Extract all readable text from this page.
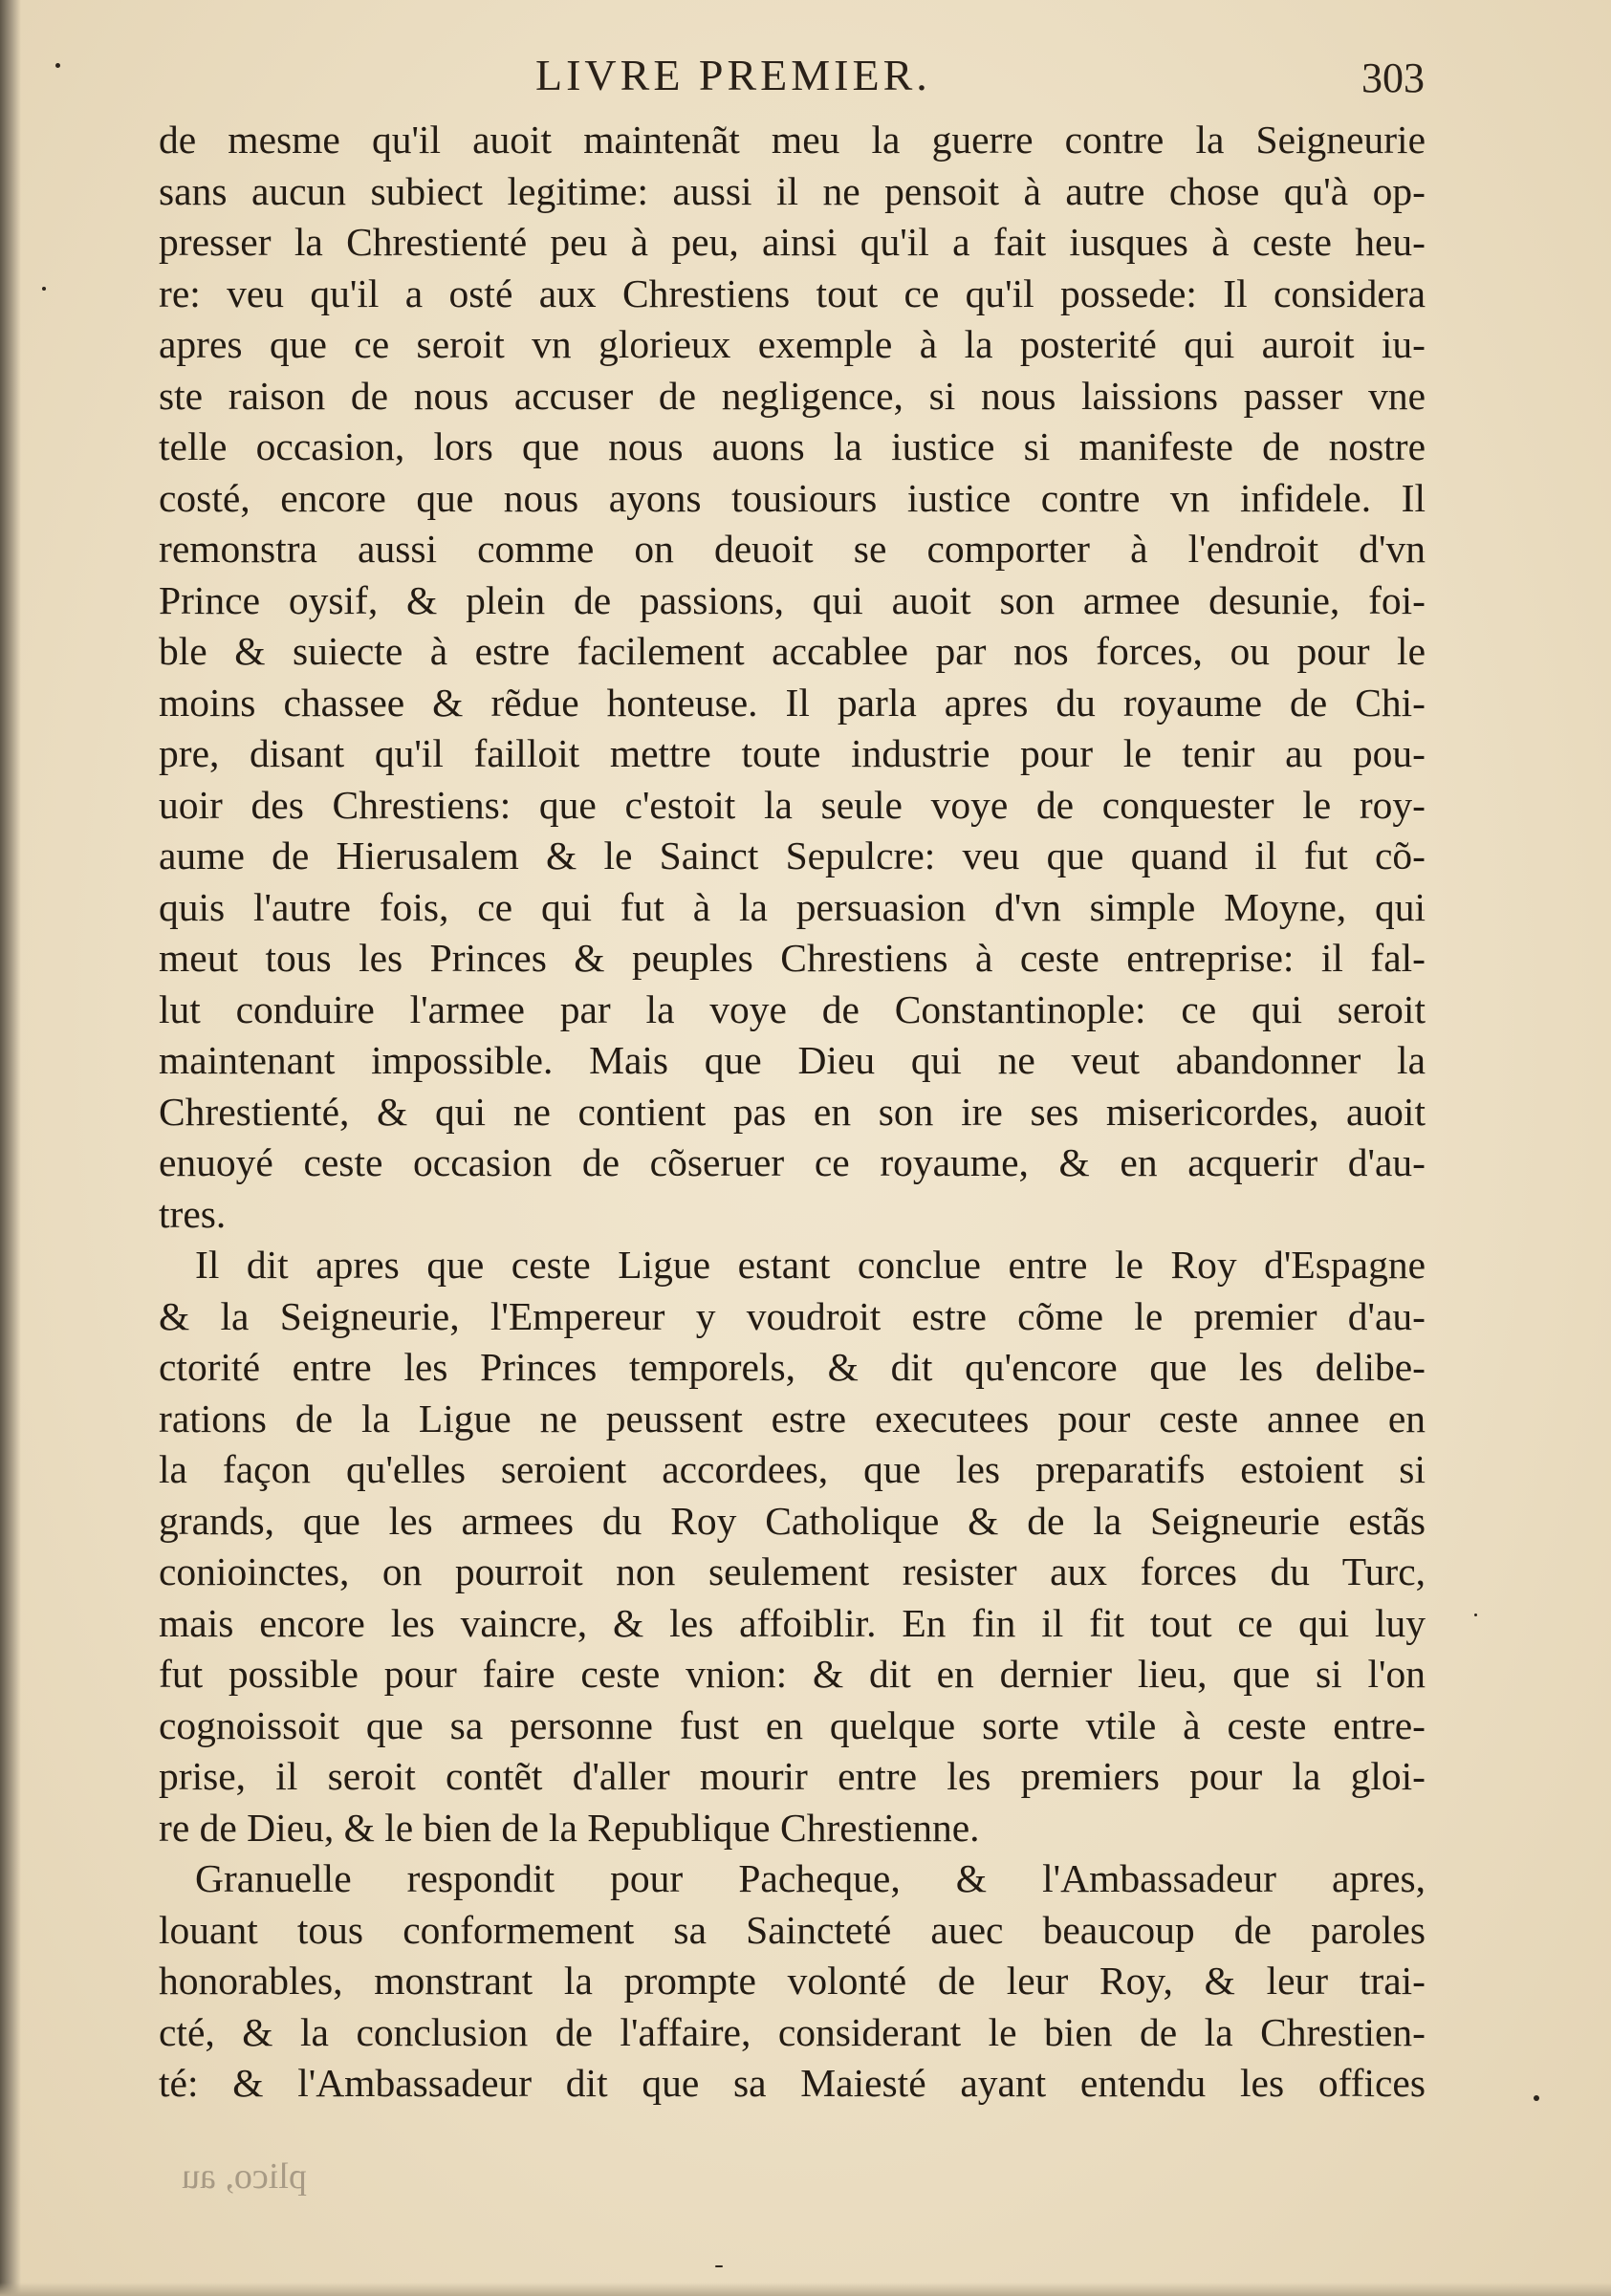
LIVRE PREMIER.	303
de mesme qu'il auoit maintenãt meu la guerre contre la Seigneurie
sans aucun subiect legitime: aussi il ne pensoit à autre chose qu'à op-
presser la Chrestienté peu à peu, ainsi qu'il a fait iusques à ceste heu-
re: veu qu'il a osté aux Chrestiens tout ce qu'il possede: Il considera
apres que ce seroit vn glorieux exemple à la posterité qui auroit iu-
ste raison de nous accuser de negligence, si nous laissions passer vne
telle occasion, lors que nous auons la iustice si manifeste de nostre
costé, encore que nous ayons tousiours iustice contre vn infidele. Il
remonstra aussi comme on deuoit se comporter à l'endroit d'vn
Prince oysif, & plein de passions, qui auoit son armee desunie, foi-
ble & suiecte à estre facilement accablee par nos forces, ou pour le
moins chassee & rẽdue honteuse. Il parla apres du royaume de Chi-
pre, disant qu'il failloit mettre toute industrie pour le tenir au pou-
uoir des Chrestiens: que c'estoit la seule voye de conquester le roy-
aume de Hierusalem & le Sainct Sepulcre: veu que quand il fut cõ-
quis l'autre fois, ce qui fut à la persuasion d'vn simple Moyne, qui
meut tous les Princes & peuples Chrestiens à ceste entreprise: il fal-
lut conduire l'armee par la voye de Constantinople: ce qui seroit
maintenant impossible. Mais que Dieu qui ne veut abandonner la
Chrestienté, & qui ne contient pas en son ire ses misericordes, auoit
enuoyé ceste occasion de cõseruer ce royaume, & en acquerir d'au-
tres.
Il dit apres que ceste Ligue estant conclue entre le Roy d'Espagne
& la Seigneurie, l'Empereur y voudroit estre cõme le premier d'au-
ctorité entre les Princes temporels, & dit qu'encore que les delibe-
rations de la Ligue ne peussent estre executees pour ceste annee en
la façon qu'elles seroient accordees, que les preparatifs estoient si
grands, que les armees du Roy Catholique & de la Seigneurie estãs
conioinctes, on pourroit non seulement resister aux forces du Turc,
mais encore les vaincre, & les affoiblir. En fin il fit tout ce qui luy
fut possible pour faire ceste vnion: & dit en dernier lieu, que si l'on
cognoissoit que sa personne fust en quelque sorte vtile à ceste entre-
prise, il seroit contẽt d'aller mourir entre les premiers pour la gloi-
re de Dieu, & le bien de la Republique Chrestienne.
Granuelle respondit pour Pacheque, & l'Ambassadeur apres,
louant tous conformement sa Saincteté auec beaucoup de paroles
honorables, monstrant la prompte volonté de leur Roy, & leur trai-
cté, & la conclusion de l'affaire, considerant le bien de la Chrestien-
té: & l'Ambassadeur dit que sa Maiesté ayant entendu les offices
plico, au
